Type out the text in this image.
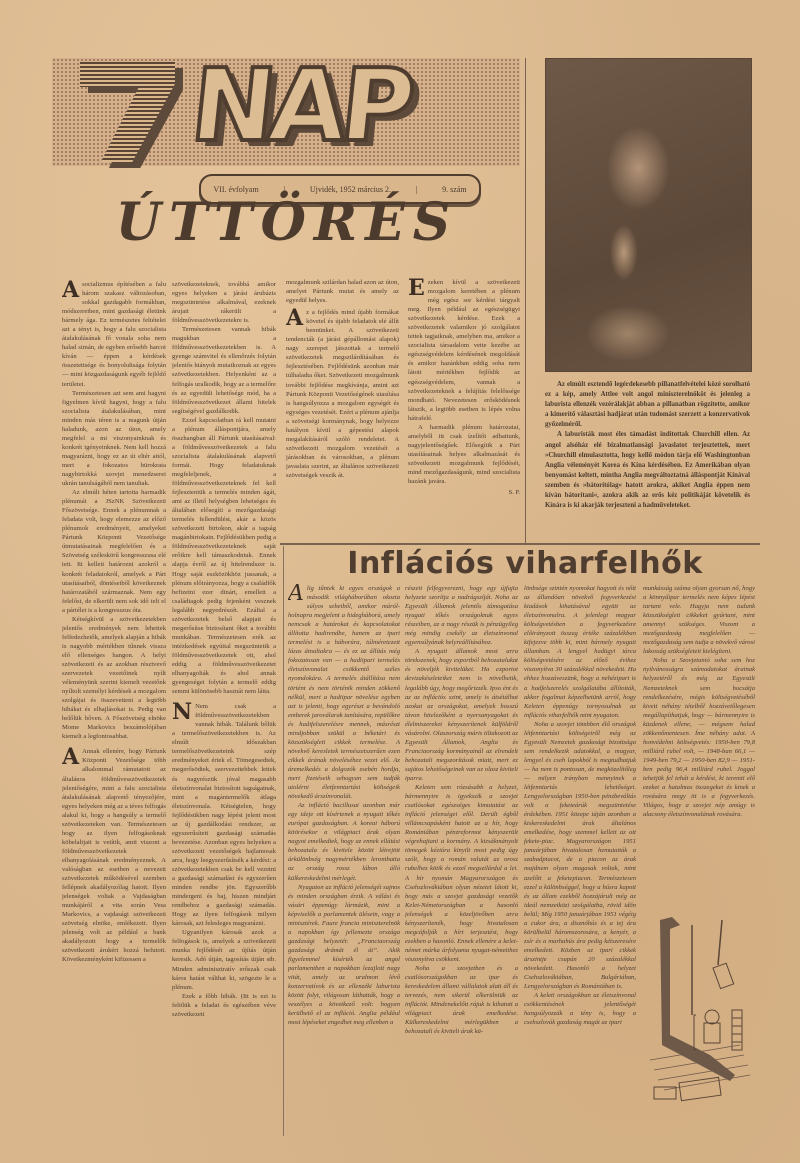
NAP
VII. évfolyam	|	Ujvidék, 1952 március 2.	|	9. szám
ÚTTÖRÉS

Asocializmus építésében a falu három szakasz változásoban, sokkal gazdagabb formákban, módszereiben, mint gazdasági életünk bármely ága. Ez természetes feltételei azt a tényt is, hogy a falu szocialista átalakulásának fő vonala soha nem halad simán, de egyben erősebb harcot kíván — éppen a kérdések összetettsége és bonyolultsága folytán — mint közgazdaságunk egyéb fejlődő területei.

Természetesen azt sem ami hagyni figyelmen kívül hagyni, hogy a falu szocialista átalakulásában, mint minden más téren is a magunk útján haladunk, azon az úton, amely megfelel a mi viszonyainknak és konkrét igényeinknek. Nem kell hozzá magyarázni, hogy ez az út eltér attól, mert a fokozatos bürokrata nagybirtokká szovjet menedzserei ukrán tanulságából nem tanultak.

Az elmúlt héten tartotta harmadik plénumát a JSzNK Szövetkezeti Főszövetsége. Ennek a plénumnak a feladata volt, hogy elemezze az előző plénumok eredményeit, amelyeket Pártunk Központi Vezetősége útmutatásainak megfelelően és a Szövetség széleskörű kongresszusa elé tett. Itt kellett határozni azokról a konkrét feladatokról, amelyek a Párt utasításaiból, döntéseiből következnek határozatából származnak. Nem egy felelőst, de elkerült nem sok idő telt el a pártélet is a kongresszus óta.

Kétségkívül a szövetkezetekben jelentős eredmények nem lehettek felfedezhetők, amelyek alapján a hibák is nagyobb mértékben tűnnek vissza elő ellenséges hangon. A helyi szövetkezeti és az azokban résztvevő szervezetek vezetőinek nyílt véleményünk szerint kiemelt vezetőnk nyíltolt személyi kérdések a mozgalom szolgájai és összevetteni a legtöbb hibákat és elhajlásokat is. Pedig van belőlük bőven. A Főszövetség elnöke Mome Markovics beszámolójában kiemelt a legfontosabbat.

A Annak ellenére, hogy Pártunk Központi Vezetősége több alkalommal rámutatott az általános földművesszövetkezetek jelentőségére, mint a falu szocialista átalakulásának alapvető tényezőjére, egyes helyeken még az a téves felfogás alakul ki, hogy a hangsúly a termelő szövetkezeteken van. Természetesen hogy az ilyen felfogásoknak köbelaltjait is vetítik, amit viszont a földművesszövetkezetek elhanyagolásának eredményeznek. A valóságban az esetben a nevezett szövetkezetek működésével szemben fellépnek akadályozólag hatott. Ilyen jelenségek voltak a Vajdaságban munkájáról a vita során Vesa Markovics, a vajdasági szövetkezeti szövetség elnöke, emlékezett. Ilyen jelenség volt az például a bank akadályozott hogy a termelők szövetkezeti árukért hozzá hefutott. Következményként kifizessen a

szövetkezeteknek, továbbá amikor egyes helyeken a járási árubázis megszüntetése alkalmával, ezeknek árujait rákerült a földművesszövetkezetekre is.

Természetesen vannak hibák magukban a földművesszövetkezetekben is. A gyenge számvitel és ellenőrzés folytán jelentős hiányok mutatkoznak az egyes szövetkezetekben. Helyenként az a felfogás uralkodik, hogy az a termelőre és az egyedüli lehetősége mód, ha a földművesszövetkezet állami hitelek segítségével gazdálkodik.

Ezzel kapcsolatban rá kell mutatni a plénum álláspontjára, amely összhangban áll Pártunk utasításaival: a földművesszövetkezetek a falu szocialista átalakulásának alapvető formái. Hogy feladatuknak megfeleljenek, a földművesszövetkezeteknek fel kell fejleszteniük a termelés minden ágát, ami az illető helységben lehetséges és általában elősegíti a mezőgazdasági termelés fellendülést, akár a közös szövetkezeti birtokon, akár a tagság magánbirtokain. Fejlődésükben pedig a földművesszövetkezeteknek saját erőikre kell támaszkodniuk. Ennek alapja évről az új hitelrendszer is. Hogy saját eszközökhöz jussanak, a plénum előirányozza, hogy a családfők befizetni ezer dinárt, emellett a családtagok pedig fejenként vesznek legalább negyedrészét. Ezáltal a szövetkezetek belső alapjait és megerősítse biztosítani őket a további munkában. Természetesen erék az intézkedések egyúttal megszüntetik a földművesszövetkezetek ott, ahol eddig a földművesszövetkezetet elhanyagolták és ahol annak gyengeségei folytán a termelő eddig semmi különösebb hasznát nem látta.

N Nem csak a földművesszövetkezetekben vannak hibák. Találunk bőlük a termelőszövetkezetekben is. Az elmúlt időszakban termelőszövetkezeteink szép eredményeket értek el. Tömegesedtek, megerősödtek, szervezettebbek lettek és nagyrészük jóval magasabb életszínvonalat biztosított tagságainak, mint a magántermelők átlaga életszínvonala. Kétségtelen, hogy fejlődésükben nagy lépést jelent most az új gazdálkodási rendszer, az egyszerűsített gazdasági számadás bevezetése. Azonban egyes helyeken a szövetkezeti vezetőségek hajlamosak arra, hogy leegyszerűsítsék a kérdést: a szövetkezetekben csak be kell vezetni a gazdasági számadást és egyszerűen minden rendbe jön. Egyszerűbb mindergeni és baj, hiszen mindjárt rendbehoz a gazdasági számadás. Hogy az ilyen felfogások milyen károsak, azt felesleges magyarázni.

Ugyanilyen károsak azok a felfogások is, amelyek a szövetkezeti munka fejlődését az újítás útján keresik. Adó útján, tagosítás útján stb. Minden adminisztratív erőszak csak káros hatást válthat ki, szögezte le a plénum.

Ezek a főbb hibák. (Itt is ezt is felölük a feladat és egészében véve szövetkezeti

mozgalmunk szilárdan halad azon az úton, amelyet Pártunk mutat és amely az egyedül helyes.

Az a fejlődés mind újabb formákat követel és újabb feladatok elé állít bennünket. A szövetkezeti tendenciák (a járási gépállomási alapok) nagy szerepet játszottak a termelő szövetkezetek megszilárdításában és fejlesztésében. Fejlődésünk azonban már túlhaladta őket. Szövetkezeti mozgalmunk további fejlődése megkívánja, amint azt Pártunk Központi Vezetőségének utasítása is hangsúlyozza a mozgalom egységét és egységes vezetését. Ezért a plénum ajánlja a szövetségi kormánynak, hogy helyezze hatályon kívül a gépestési alapok megalakításáról szóló rendeletet. A szövetkezeti mozgalom vezetését a járásokban és városokban, a plénum javaslata szerint, az általános szövetkezeti szövetségek veszik át.

Ezeken kívül a szövetkezeti mozgalom keretében a plénum még egész sor kérdést tárgyalt meg. Ilyen például az egészségügyi szövetkezetek kérdése. Ezek a szövetkezetek valamikor jó szolgálatot tettek tagjaiknak, amelyben ma, amikor a szocialista társadalom vette kezébe az egészségvédelem kérdésének megoldását és amikor hazánkban eddig soha nem látott mértékben fejlődik az egészségvédelem, vannak a szövetkezeteknek a felújítás felelőssége mondható. Nevezetesen erősködésnek látszik, a legtöbb esetben is lépés volna hátrafelé.

A harmadik plénum határozatai, amelyből itt csak ízelítőt adhattunk, nagyjelentőségűek. Elősegítik a Párt utasításainak helyes alkalmazását és szövetkezeti mozgalmunk fejlődését, mind mezőgazdaságunk, mind szocialista hazánk javára.

S. P.

Az elmúlt esztendő legérdekesebb pillanatfelvételei közé sorolható ez a kép, amely Attlee volt angol miniszterelnököt és jelenleg a laburista ellenzék vezérálakját abban a pillanatban rögzítette, amikor a kimerítő választási hadjárat után tudomást szerzett a konzervatívok győzelméről.

A laburisták most éles támadást indítottak Churchill ellen. Az angol alsóház elé bizalmatlansági javaslatot terjesztettek, mert »Churchill elmulasztotta, hogy kellő módon tárja elő Washingtonban Anglia véleményét Korea és Kína kérdésében. Ez Amerikában olyan benyomást keltett, mintha Anglia megváltoztatná álláspontját Kínával szemben és »bátorítólag« hatott arokra, akiket Anglia éppen nem kíván bátorítani«, azokra akik az erős kéz politikáját követelik és Kínára is ki akarják terjeszteni a hadműveleteket.

Inflációs viharfelhők

Alig tűntek ki egyes országok a második világháborúban okozta súlyos sebeiből, amikor máról-holnapra megjelent a hidegháború, amely nemcsak a határokat és kapcsolatokat állította hadirendbe, hanem az ipari termelést is a háborúra, túlméretezett lázas átnaltakra — és ez az állítás még fokozatosan van — a hadiipari termelés életszínvonalat csökkentő széles nyomdokára. A termelés átállítása nem történt és nem történik minden zökkenő nélkül, mert a hadiipar növelése egyben azt is jelenti, hogy egyrészt a bevándoló emberek jaroválarak tanítására, repülőkre és hadifelszerelésre mennek, másrészt mindjobban szükül a béketári és közszükségleti cikkek termelése. A növekvő keresletek természetszerűen ezen cikkek árának növeléséhez vezet elő. Az áremelkedés a dolgozók zsebén hordja, mert fizetéseik sehogyan sem tudják utolérni életfenntartási költségeik növekedő árszínvonalát.

Az infláció bacillusai azonban már egy ideje ott kísértenek a nyugati tőkés európai gazdaságban. A koreai háború kitörésekor a világpiaci árak olyan nagyot emelkedtek, hogy az ennek ellátási behozatala és kivitele között létrejött árkülönbség nagymértékben leronthatta az ország rossz lábon álló külkereskedelmi mérlegét.

Nyugaton az infláció jelenségét sajnos és minden országban érzik. A válási és vásári éppenúgy lármázik, mint a képviselők a parlamentek ülésein, vagy a minisztérek. Faure francia miniszterelnök a napokban így jellemezte országa gazdasági helyzetét: „Franciaország gazdasági drámát él át”. Akik figyelemmel kísérték az angol parlamentben a napokban lezajlott nagy vitát, amely az uralmon lévő konzervatívok és az ellenzéki laburista között folyt, világosan láthatták, hogy a veszélyes a következő volt: hogyan kerülhető el az infláció. Anglia például most lépéseket engedhet meg ellenben a

részeit felfegyverezni, hogy egy újfajta helyzete szorítja a nadrágszíját. Noha az Egyesült Államok jelentős támogatása nyugati tőkés országoknak egyes részeiben, az a nagy részük is pénzügyileg még mindig csekély az életszínvonal egyensúlyának helyreállításához.

A nyugati államok most arra törekszenek, hogy exportból behozatalukat és növeljék kivitelüket. Ha exportot devizakészleteiket nem is növelhetik, legalább úgy, hogy megőrizzék. Ipso ént és az az inflációs szint, amely is átsétálhat azokat az országokat, amelyek hosszú távon hitelezőként a nyersanyagokat és élelmiszereket kényszerítenek külföldről vásárolni. Olaszország máris tiltakozott az Egyesült Államok, Anglia és Franciaország kormányainál az elrendelt behozatali megszorítások miatt, mert ez sajátos lehetőségeinek van az olasz kiviteli iparra.

Keleten sem rózsásabb a helyzet, bármennyire is igyekszik a szovjet csatlósokat egészséges kimutatást az infláció jelenségei elől. Derült égből villámcsapásként hatott az a hír, hogy Romániában pénzreformot kényszerült végrehajtani a kormány. A kizsákmányolt tömegek kéziára kinyilt most pedig úgy szólt, hogy a román valutát az orosz rubelhez kötik és ezzel megszilárdul a lei. A hír nyomán Magyarországon és Csehszlovákiában olyan nézetet látott ki, hogy más a szovjet gazdasági vezetők Kelet-Németországban a hasonló jelenségek a közeljövőben arra kényszerítenék, hogy hivatalosan megcáfolják a hírt terjesztést, hogy ezekben a hasonló. Ennek ellenére a kelet-német márka árfolyama nyugat-németihez viszonyítva csökkent.

Noha a szovjetben és a csatlósországokban az ipar és kereskedelem állami vállalatok alatt áll és tervezés, nem sikerül elkerülniük az inflációt. Mindenekelőtt rájuk is kihatott a világpiaci árak emelkedése. Külkereskedelmi mérlegükben a behozatali és kiviteli árak kü-

lönbsége szintén nyomokat hagyott és nőtt az állandóan növekvő fegyverkezési kiadások kihatásával együtt az életszínvonalra. A jelenlegi magyar költségvetésben a fegyverkezésre előirányzott összeg értéke százalékban kifejezve több ki, mint bármely nyugati államban. A lengyel hadügyi tárca költségvetésére az előző évihez viszonyítva 30 százalékkal növekedett. Ha ehhez hozzáveszünk, hogy a nehézipart is a hadfelszerelés szolgálatába állították, akkor fogalmat képzelhetünk arról, hogy Keleten éppenúgy tornyosulnak az inflációs viharfelhők mint nyugaton.

Noha a szovjet tömbben élő országok létfenntartási költségeiről még az Egyesült Nemzetek gazdasági bizottsága sem rendelkezik adatokkal, a magyar, lengyel és cseh lapokból is megtudhatjuk — ha nem is pontosan, de megközelítőleg — milyen irányban mennyinek a létfenntartás lehetőségei. Lengyelországban 1950-ben pénzbeváltás volt a feketeárúk megszüntetése érdekében. 1951 közepe táján azonban a kiskereskedelmi árak általános emelkedése, hogy szemmel kellett az ott fekete-piac. Magyarországon 1951 januárjában hivatalosan hemutatták a szabadpiacot, de a piacon az árak majdnem olyan magasak voltak, mint azelőtt a feketepiacon. Természetesen ezzel a különbséggel, hogy a húsra kapott és az állam ezekből hozzájárult még az ideál nemzetközi szolgálatba, rövid időn belül; Míg 1950 januárjában 1951 végéig a cukor ára, a disznóhús és a tej ára körülbelül háromszorosára, a kenyér, a zsír és a marhahús ára pedig kétszeresére emelkedett. Közben az ipari cikkek árszintje csupán 20 százalékkal növekedett. Hasonló a helyzet Csehszlovákiában, Bulgáriában, Lengyelországban és Romániában is.

A keleti országokban az életszínvonal csökkentésének jelentőségét hangsúlyozzák a tény is, hogy a csehszlovák gazdaság magát az ipari

munkásság száma olyan gyorsan nő, hogy a könnyűipar termelés nem képes lépést tartani vele. Hagyja nem tudunk közszükségleti cikkeket gyártani, mint amennyi szükséges. Viszont a mezőgazdaság megfelelően — mezőgazdaság sem tudja a növekvő városi lakosság szükségleteit kielégíteni.

Noha a Szovjetunió soha sem hoz nyilvánosságra számadatokat árainak helyzetéről és még az Egyesült Nemzeteknek sem bocsátja rendelkezésére, mégis költségvetéséből kivett néhány tételből hozzávetőlegesen megállapíthatjuk, hogy — bármennyire is küzdenek ellene, — mégsem halad zökkenőmentesen. Íme néhány adat. A honvédelmi költségvetés: 1950-ben 79,8 milliárd rubel volt, — 1948-ban 66,1 — 1949-ben 79,2 — 1950-ben 82,9 — 1951-ben pedig 96,4 milliárd rubel. Joggal tehetjük fel tehát a kérdést, ki teremti elő ezeket a hatalmas összegeket és kinek a rovására megy itt is a fegyverkezés. Világos, hogy a szovjet nép amúgy is alacsony életszínvonalának rovására.
